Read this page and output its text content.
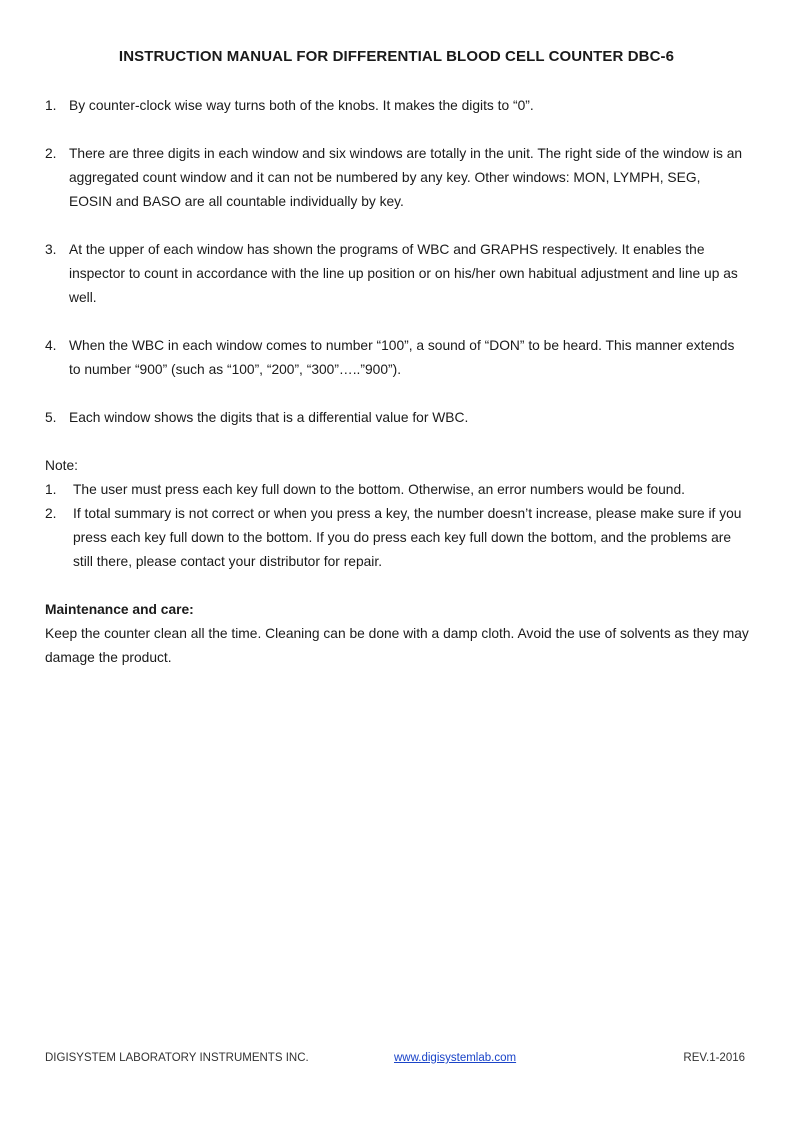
INSTRUCTION MANUAL FOR DIFFERENTIAL BLOOD CELL COUNTER DBC-6
1. By counter-clock wise way turns both of the knobs. It makes the digits to “0”.
2. There are three digits in each window and six windows are totally in the unit. The right side of the window is an aggregated count window and it can not be numbered by any key. Other windows: MON, LYMPH, SEG, EOSIN and BASO are all countable individually by key.
3. At the upper of each window has shown the programs of WBC and GRAPHS respectively. It enables the inspector to count in accordance with the line up position or on his/her own habitual adjustment and line up as well.
4. When the WBC in each window comes to number “100”, a sound of “DON” to be heard. This manner extends to number “900” (such as “100”, “200”, “300”…..”900”).
5. Each window shows the digits that is a differential value for WBC.
Note:
1. The user must press each key full down to the bottom. Otherwise, an error numbers would be found.
2. If total summary is not correct or when you press a key, the number doesn’t increase, please make sure if you press each key full down to the bottom. If you do press each key full down the bottom, and the problems are still there, please contact your distributor for repair.
Maintenance and care:
Keep the counter clean all the time. Cleaning can be done with a damp cloth. Avoid the use of solvents as they may damage the product.
DIGISYSTEM LABORATORY INSTRUMENTS INC.	www.digisystemlab.com	REV.1-2016
